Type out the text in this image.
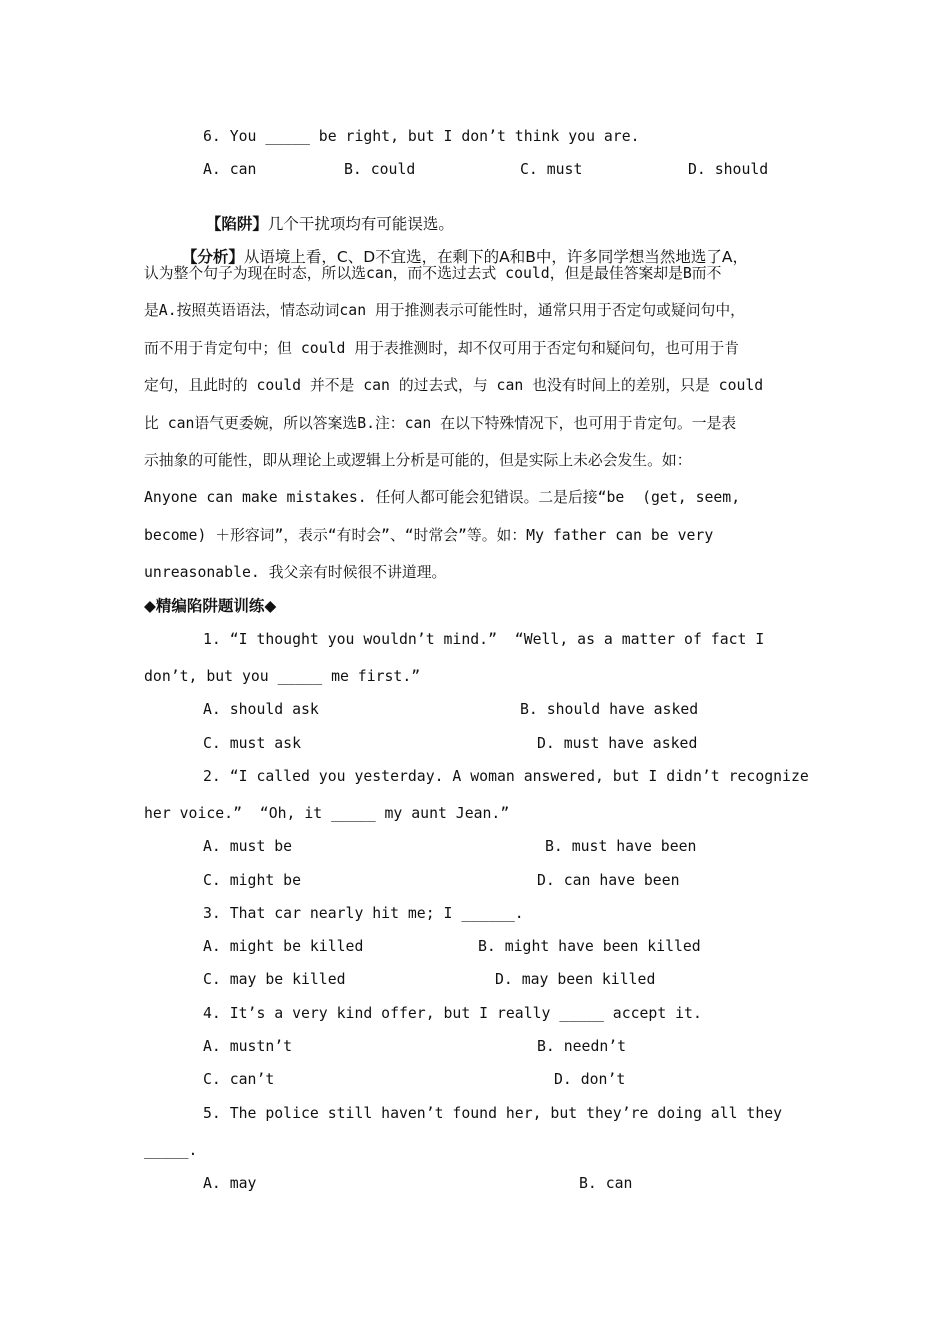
6. You _____ be right, but I don’t think you are.
A. can	B. could	C. must	D. should

【陷阱】几个干扰项均有可能误选。

【分析】从语境上看，C、D不宜选，在剩下的A和B中，许多同学想当然地选了A，

认为整个句子为现在时态，所以选can，而不选过去式 could，但是最佳答案却是B而不
是A.按照英语语法，情态动词can 用于推测表示可能性时，通常只用于否定句或疑问句中，
而不用于肯定句中；但 could 用于表推测时，却不仅可用于否定句和疑问句，也可用于肯
定句，且此时的 could 并不是 can 的过去式，与 can 也没有时间上的差别，只是 could
比 can语气更委婉，所以答案选B.注：can 在以下特殊情况下，也可用于肯定句。一是表
示抽象的可能性，即从理论上或逻辑上分析是可能的，但是实际上未必会发生。如：
Anyone can make mistakes. 任何人都可能会犯错误。二是后接“be  (get, seem,
become) ＋形容词”，表示“有时会”、“时常会”等。如：My father can be very
unreasonable. 我父亲有时候很不讲道理。
◆精编陷阱题训练◆
1. “I thought you wouldn’t mind.”  “Well, as a matter of fact I
don’t, but you _____ me first.”
A. should ask	B. should have asked
C. must ask	D. must have asked
2. “I called you yesterday. A woman answered, but I didn’t recognize
her voice.”  “Oh, it _____ my aunt Jean.”
A. must be	B. must have been
C. might be	D. can have been
3. That car nearly hit me; I ______.
A. might be killed	B. might have been killed
C. may be killed	D. may been killed
4. It’s a very kind offer, but I really _____ accept it.
A. mustn’t	B. needn’t
C. can’t	D. don’t
5. The police still haven’t found her, but they’re doing all they
_____.
A. may	B. can
